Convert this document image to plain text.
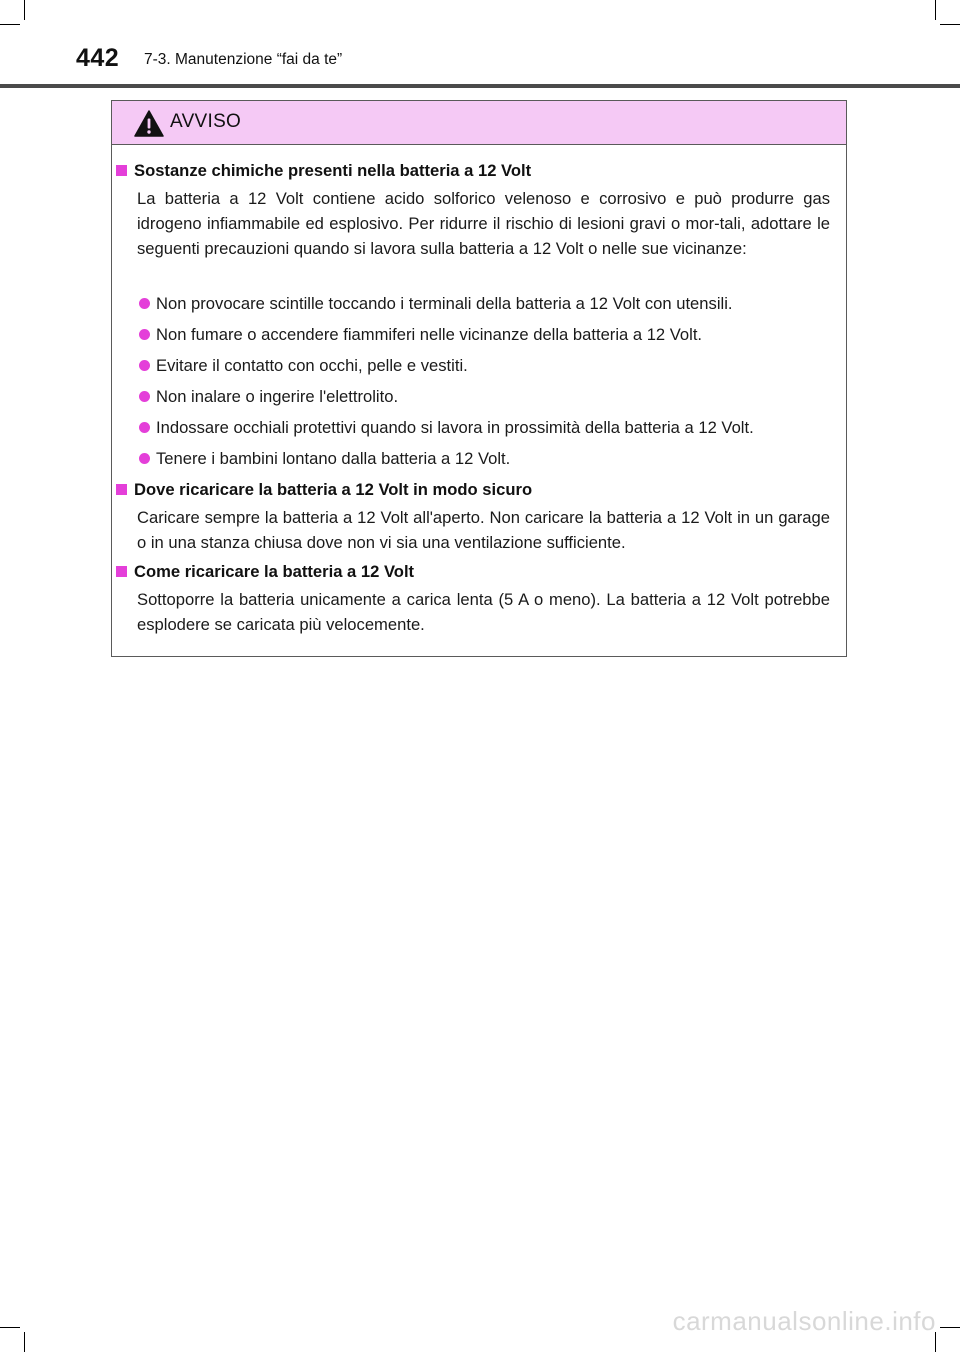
442 7-3. Manutenzione “fai da te”
AVVISO
Sostanze chimiche presenti nella batteria a 12 Volt
La batteria a 12 Volt contiene acido solforico velenoso e corrosivo e può produrre gas idrogeno infiammabile ed esplosivo. Per ridurre il rischio di lesioni gravi o mor-tali, adottare le seguenti precauzioni quando si lavora sulla batteria a 12 Volt o nelle sue vicinanze:
Non provocare scintille toccando i terminali della batteria a 12 Volt con utensili.
Non fumare o accendere fiammiferi nelle vicinanze della batteria a 12 Volt.
Evitare il contatto con occhi, pelle e vestiti.
Non inalare o ingerire l'elettrolito.
Indossare occhiali protettivi quando si lavora in prossimità della batteria a 12 Volt.
Tenere i bambini lontano dalla batteria a 12 Volt.
Dove ricaricare la batteria a 12 Volt in modo sicuro
Caricare sempre la batteria a 12 Volt all'aperto. Non caricare la batteria a 12 Volt in un garage o in una stanza chiusa dove non vi sia una ventilazione sufficiente.
Come ricaricare la batteria a 12 Volt
Sottoporre la batteria unicamente a carica lenta (5 A o meno). La batteria a 12 Volt potrebbe esplodere se caricata più velocemente.
carmanualsonline.info
